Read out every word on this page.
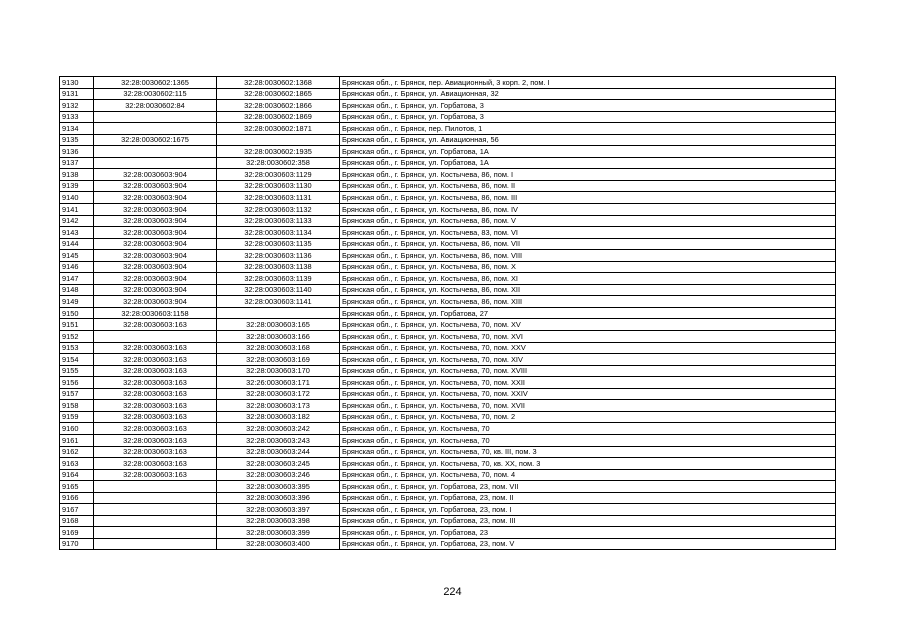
9130	32:28:0030602:1365	32:28:0030602:1368	Брянская обл., г. Брянск, пер. Авиационный, 3 корп. 2, пом. I
9131	32:28:0030602:115	32:28:0030602:1865	Брянская обл., г. Брянск, ул. Авиационная, 32
9132	32:28:0030602:84	32:28:0030602:1866	Брянская обл., г. Брянск, ул. Горбатова, 3
9133		32:28:0030602:1869	Брянская обл., г. Брянск, ул. Горбатова, 3
9134		32:28:0030602:1871	Брянская обл., г. Брянск, пер. Пилотов, 1
9135	32:28:0030602:1675		Брянская обл., г. Брянск, ул. Авиационная, 56
9136		32:28:0030602:1935	Брянская обл., г. Брянск, ул. Горбатова, 1А
9137		32:28:0030602:358	Брянская обл., г. Брянск, ул. Горбатова, 1А
9138	32:28:0030603:904	32:28:0030603:1129	Брянская обл., г. Брянск, ул. Костычева, 86, пом. I
9139	32:28:0030603:904	32:28:0030603:1130	Брянская обл., г. Брянск, ул. Костычева, 86, пом. II
9140	32:28:0030603:904	32:28:0030603:1131	Брянская обл., г. Брянск, ул. Костычева, 86, пом. III
9141	32:28:0030603:904	32:28:0030603:1132	Брянская обл., г. Брянск, ул. Костычева, 86, пом. IV
9142	32:28:0030603:904	32:28:0030603:1133	Брянская обл., г. Брянск, ул. Костычева, 86, пом. V
9143	32:28:0030603:904	32:28:0030603:1134	Брянская обл., г. Брянск, ул. Костычева, 83, пом. VI
9144	32:28:0030603:904	32:28:0030603:1135	Брянская обл., г. Брянск, ул. Костычева, 86, пом. VII
9145	32:28:0030603:904	32:28:0030603:1136	Брянская обл., г. Брянск, ул. Костычева, 86, пом. VIII
9146	32:28:0030603:904	32:28:0030603:1138	Брянская обл., г. Брянск, ул. Костычева, 86, пом. X
9147	32:28:0030603:904	32:28:0030603:1139	Брянская обл., г. Брянск, ул. Костычева, 86, пом. XI
9148	32:28:0030603:904	32:28:0030603:1140	Брянская обл., г. Брянск, ул. Костычева, 86, пом. XII
9149	32:28:0030603:904	32:28:0030603:1141	Брянская обл., г. Брянск, ул. Костычева, 86, пом. XIII
9150	32:28:0030603:1158		Брянская обл., г. Брянск, ул. Горбатова, 27
9151	32:28:0030603:163	32:28:0030603:165	Брянская обл., г. Брянск, ул. Костычева, 70, пом. XV
9152		32:28:0030603:166	Брянская обл., г. Брянск, ул. Костычева, 70, пом. XVI
9153	32:28:0030603:163	32:28:0030603:168	Брянская обл., г. Брянск, ул. Костычева, 70, пом. XXV
9154	32:28:0030603:163	32:28:0030603:169	Брянская обл., г. Брянск, ул. Костычева, 70, пом. XIV
9155	32:28:0030603:163	32:28:0030603:170	Брянская обл., г. Брянск, ул. Костычева, 70, пом. XVIII
9156	32:28:0030603:163	32:26:0030603:171	Брянская обл., г. Брянск, ул. Костычева, 70, пом. XXII
9157	32:28:0030603:163	32:28:0030603:172	Брянская обл., г. Брянск, ул. Костычева, 70, пом. XXIV
9158	32:28:0030603:163	32:28:0030603:173	Брянская обл., г. Брянск, ул. Костычева, 70, пом. XVII
9159	32:28:0030603:163	32:28:0030603:182	Брянская обл., г. Брянск, ул. Костычева, 70, пом. 2
9160	32:28:0030603:163	32:28:0030603:242	Брянская обл., г. Брянск, ул. Костычева, 70
9161	32:28:0030603:163	32:28:0030603:243	Брянская обл., г. Брянск, ул. Костычева, 70
9162	32:28:0030603:163	32:28:0030603:244	Брянская обл., г. Брянск, ул. Костычева, 70, кв. III, пом. 3
9163	32:28:0030603:163	32:28:0030603:245	Брянская обл., г. Брянск, ул. Костычева, 70, кв. XX, пом. 3
9164	32:28:0030603:163	32:28:0030603:246	Брянская обл., г. Брянск, ул. Костычева, 70, пом. 4
9165		32:28:0030603:395	Брянская обл., г. Брянск, ул. Горбатова, 23, пом. VII
9166		32:28:0030603:396	Брянская обл., г. Брянск, ул. Горбатова, 23, пом. II
9167		32:28:0030603:397	Брянская обл., г. Брянск, ул. Горбатова, 23, пом. I
9168		32:28:0030603:398	Брянская обл., г. Брянск, ул. Горбатова, 23, пом. III
9169		32:28:0030603:399	Брянская обл., г. Брянск, ул. Горбатова, 23
9170		32:28:0030603:400	Брянская обл., г. Брянск, ул. Горбатова, 23, пом. V
224
